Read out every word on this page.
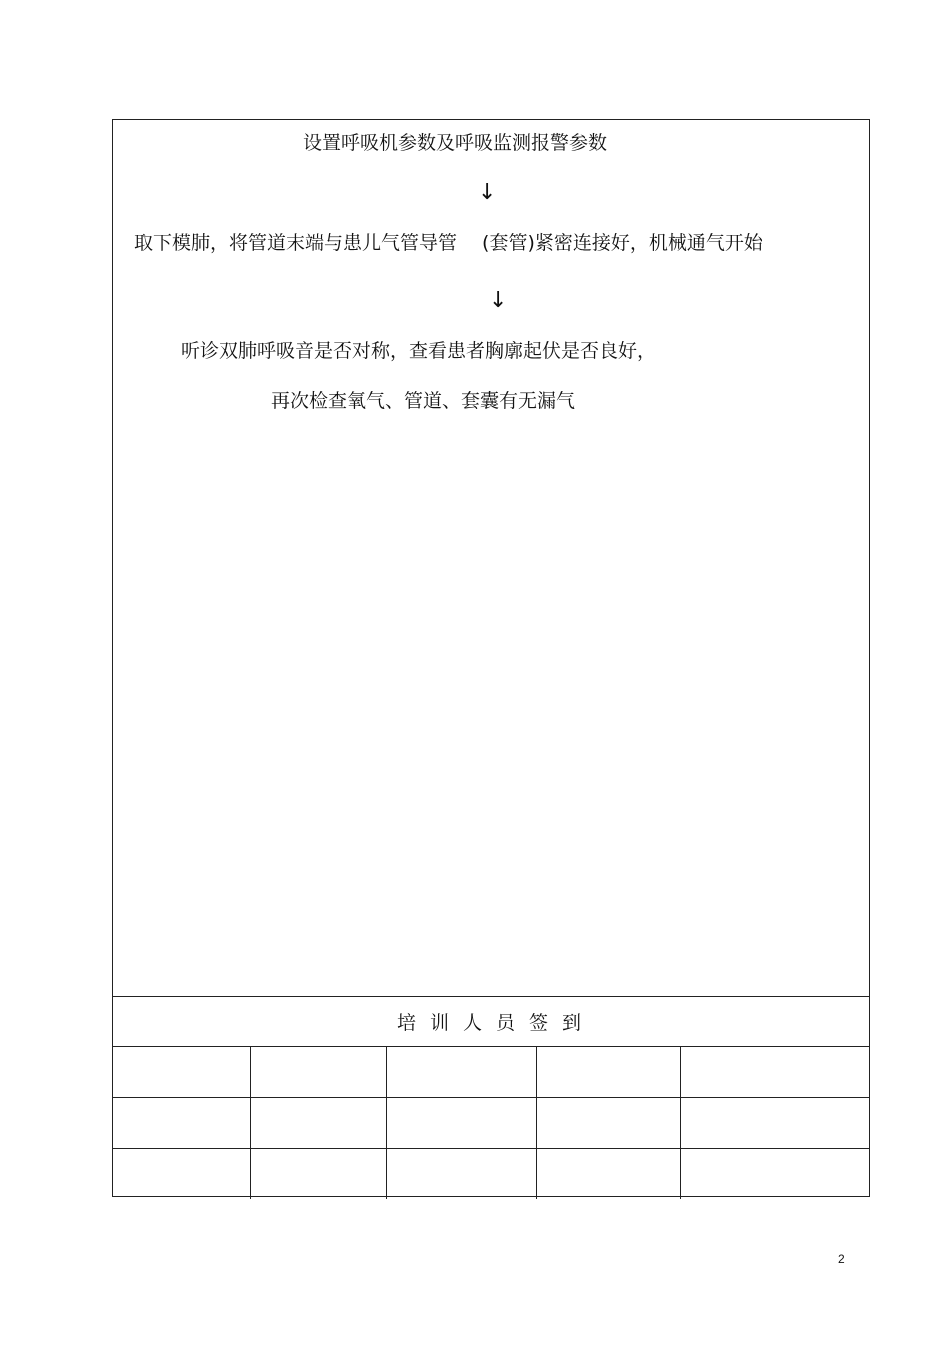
设置呼吸机参数及呼吸监测报警参数
↓
取下模肺，将管道末端与患儿气管导管　 (套管)紧密连接好，机械通气开始
↓
听诊双肺呼吸音是否对称，查看患者胸廓起伏是否良好，
再次检查氧气、管道、套囊有无漏气
培训人员签到

2
